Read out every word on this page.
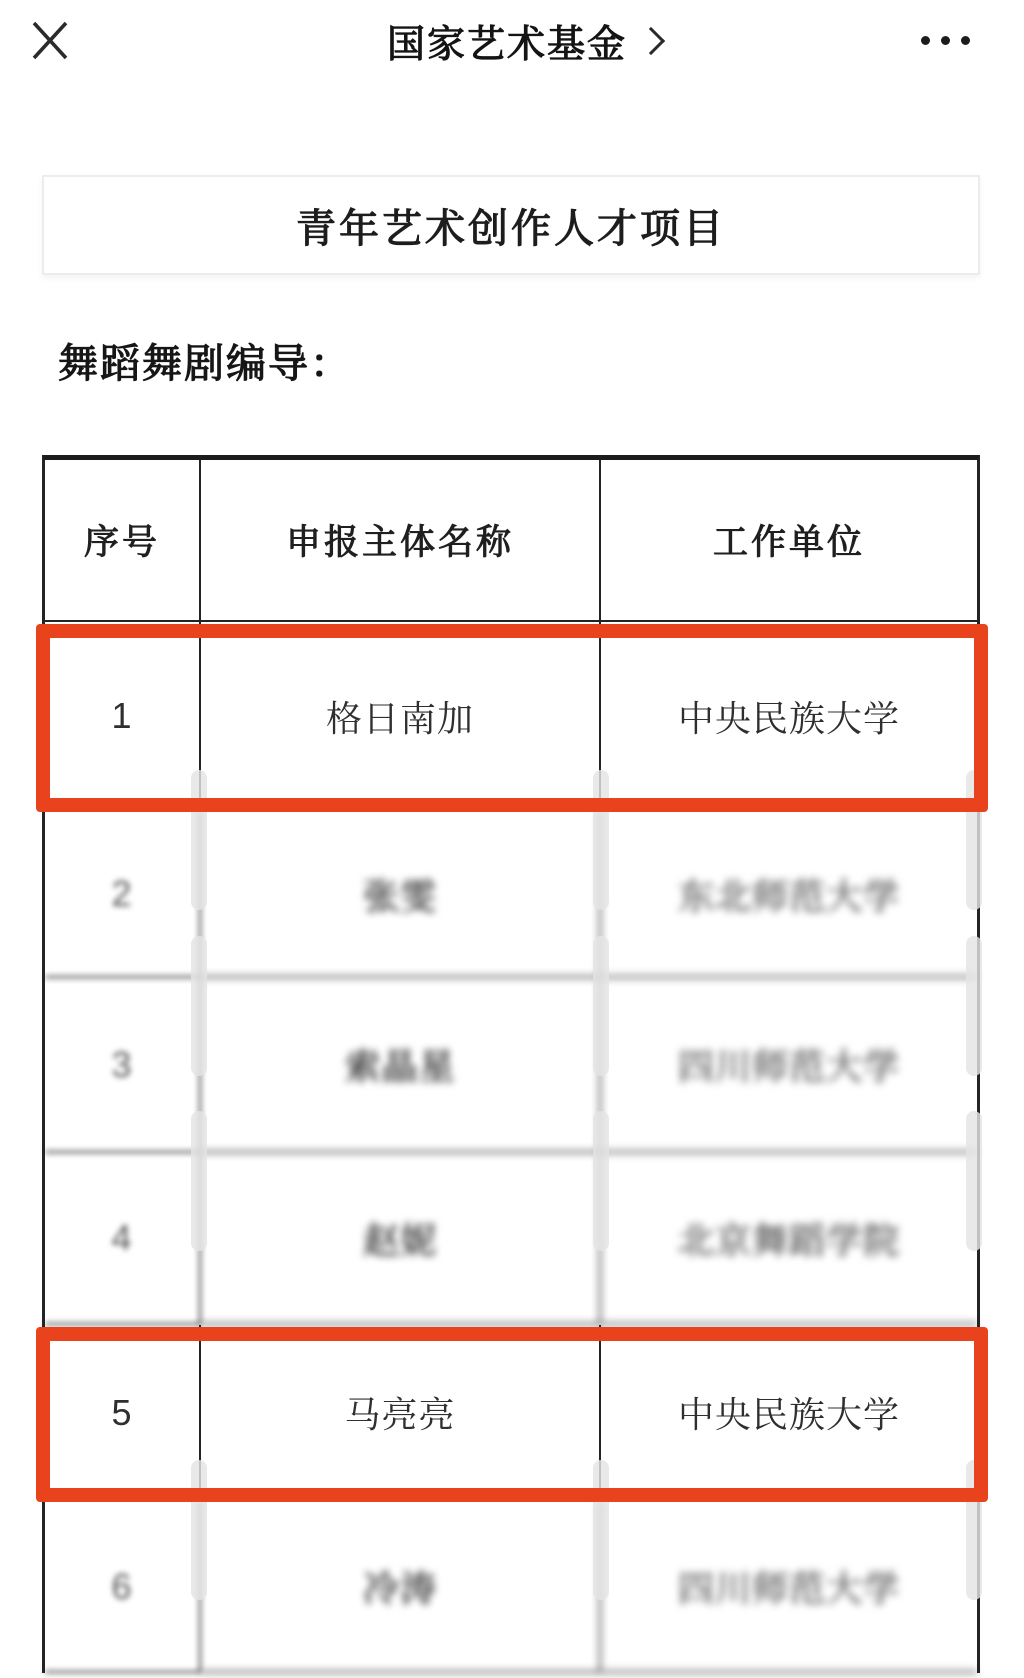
国家艺术基金
青年艺术创作人才项目
舞蹈舞剧编导：
序号	申报主体名称	工作单位
1	格日南加	中央民族大学
2	张雯	东北师范大学
3	索晶星	四川师范大学
4	赵妮	北京舞蹈学院
5	马亮亮	中央民族大学
6	冷涛	四川师范大学
